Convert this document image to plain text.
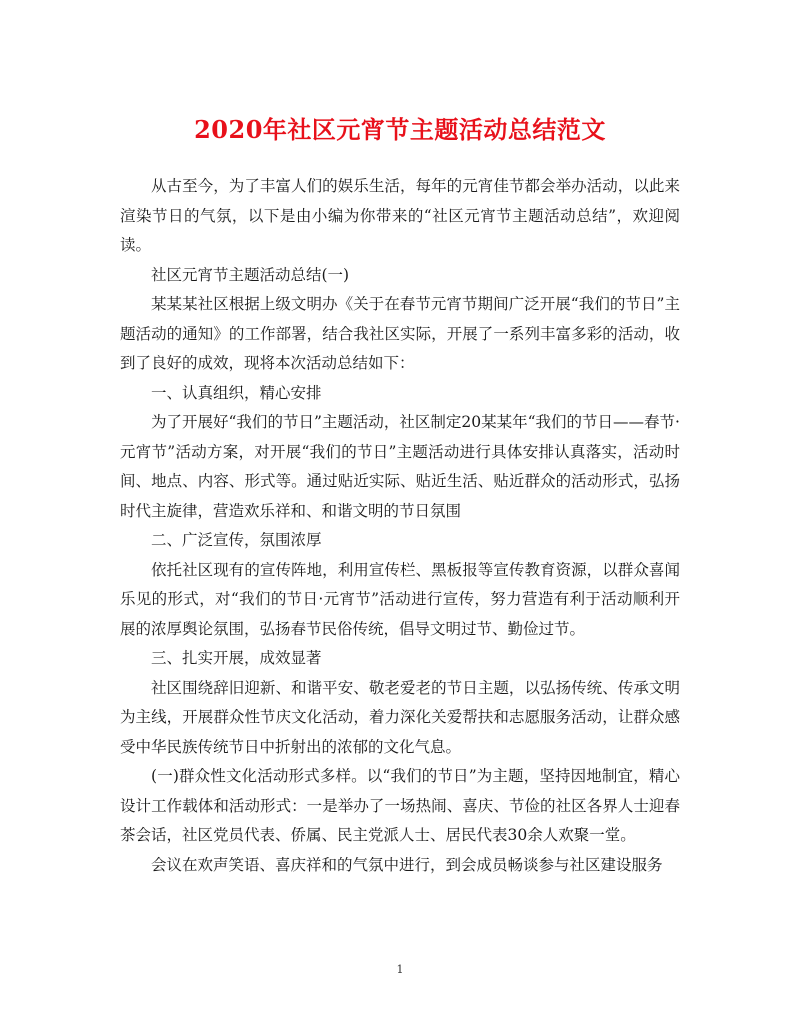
2020年社区元宵节主题活动总结范文

从古至今，为了丰富人们的娱乐生活，每年的元宵佳节都会举办活动，以此来渲染节日的气氛，以下是由小编为你带来的“社区元宵节主题活动总结”，欢迎阅读。

社区元宵节主题活动总结(一)

某某某社区根据上级文明办《关于在春节元宵节期间广泛开展“我们的节日”主题活动的通知》的工作部署，结合我社区实际，开展了一系列丰富多彩的活动，收到了良好的成效，现将本次活动总结如下：

一、认真组织，精心安排

为了开展好“我们的节日”主题活动，社区制定20某某年“我们的节日——春节·元宵节”活动方案，对开展“我们的节日”主题活动进行具体安排认真落实，活动时间、地点、内容、形式等。通过贴近实际、贴近生活、贴近群众的活动形式，弘扬时代主旋律，营造欢乐祥和、和谐文明的节日氛围

二、广泛宣传，氛围浓厚

依托社区现有的宣传阵地，利用宣传栏、黑板报等宣传教育资源，以群众喜闻乐见的形式，对“我们的节日·元宵节”活动进行宣传，努力营造有利于活动顺利开展的浓厚舆论氛围，弘扬春节民俗传统，倡导文明过节、勤俭过节。

三、扎实开展，成效显著

社区围绕辞旧迎新、和谐平安、敬老爱老的节日主题，以弘扬传统、传承文明为主线，开展群众性节庆文化活动，着力深化关爱帮扶和志愿服务活动，让群众感受中华民族传统节日中折射出的浓郁的文化气息。

(一)群众性文化活动形式多样。以“我们的节日”为主题，坚持因地制宜，精心设计工作载体和活动形式：一是举办了一场热闹、喜庆、节俭的社区各界人士迎春茶会话，社区党员代表、侨属、民主党派人士、居民代表30余人欢聚一堂。

会议在欢声笑语、喜庆祥和的气氛中进行，到会成员畅谈参与社区建设服务

1
